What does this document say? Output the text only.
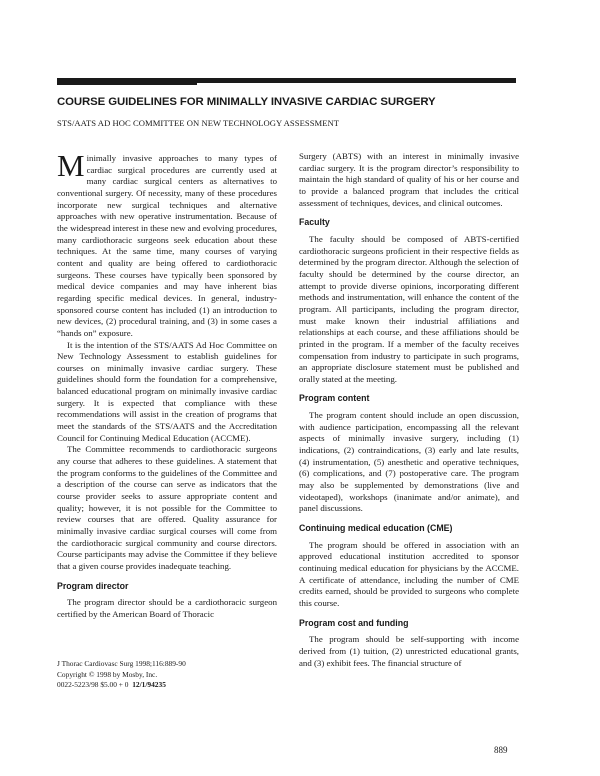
COURSE GUIDELINES FOR MINIMALLY INVASIVE CARDIAC SURGERY
STS/AATS AD HOC COMMITTEE ON NEW TECHNOLOGY ASSESSMENT

Minimally invasive approaches to many types of cardiac surgical procedures are currently used at many cardiac surgical centers as alternatives to conventional surgery. Of necessity, many of these procedures incorporate new surgical techniques and alternative approaches with new operative instrumentation. Because of the widespread interest in these new and evolving procedures, many cardiothoracic surgeons seek education about these techniques. At the same time, many courses of varying content and quality are being offered to cardiothoracic surgeons. These courses have typically been sponsored by medical device companies and may have inherent bias regarding specific medical devices. In general, industry-sponsored course content has included (1) an introduction to new devices, (2) procedural training, and (3) in some cases a “hands on” exposure.

It is the intention of the STS/AATS Ad Hoc Committee on New Technology Assessment to establish guidelines for courses on minimally invasive cardiac surgery. These guidelines should form the foundation for a comprehensive, balanced educational program on minimally invasive cardiac surgery. It is expected that compliance with these recommendations will assist in the creation of programs that meet the standards of the STS/AATS and the Accreditation Council for Continuing Medical Education (ACCME).

The Committee recommends to cardiothoracic surgeons any course that adheres to these guidelines. A statement that the program conforms to the guidelines of the Committee and a description of the course can serve as indicators that the course provider seeks to assure appropriate content and quality; however, it is not possible for the Committee to review courses that are offered. Quality assurance for minimally invasive cardiac surgical courses will come from the cardiothoracic surgical community and course directors. Course participants may advise the Committee if they believe that a given course provides inadequate teaching.

Program director

The program director should be a cardiothoracic surgeon certified by the American Board of Thoracic

Surgery (ABTS) with an interest in minimally invasive cardiac surgery. It is the program director’s responsibility to maintain the high standard of quality of his or her course and to provide a balanced program that includes the critical assessment of techniques, devices, and clinical outcomes.

Faculty

The faculty should be composed of ABTS-certified cardiothoracic surgeons proficient in their respective fields as determined by the program director. Although the selection of faculty should be determined by the course director, an attempt to provide diverse opinions, incorporating different methods and instrumentation, will enhance the content of the program. All participants, including the program director, must make known their industrial affiliations and relationships at each course, and these affiliations should be printed in the program. If a member of the faculty receives compensation from industry to participate in such programs, an appropriate disclosure statement must be published and orally stated at the meeting.

Program content

The program content should include an open discussion, with audience participation, encompassing all the relevant aspects of minimally invasive surgery, including (1) indications, (2) contraindications, (3) early and late results, (4) instrumentation, (5) anesthetic and operative techniques, (6) complications, and (7) postoperative care. The program may also be supplemented by demonstrations (live and videotaped), workshops (inanimate and/or animate), and panel discussions.

Continuing medical education (CME)

The program should be offered in association with an approved educational institution accredited to sponsor continuing medical education for physicians by the ACCME. A certificate of attendance, including the number of CME credits earned, should be provided to surgeons who complete this course.

Program cost and funding

The program should be self-supporting with income derived from (1) tuition, (2) unrestricted educational grants, and (3) exhibit fees. The financial structure of

J Thorac Cardiovasc Surg 1998;116:889-90
Copyright © 1998 by Mosby, Inc.
0022-5223/98 $5.00 + 0 12/1/94235
889
